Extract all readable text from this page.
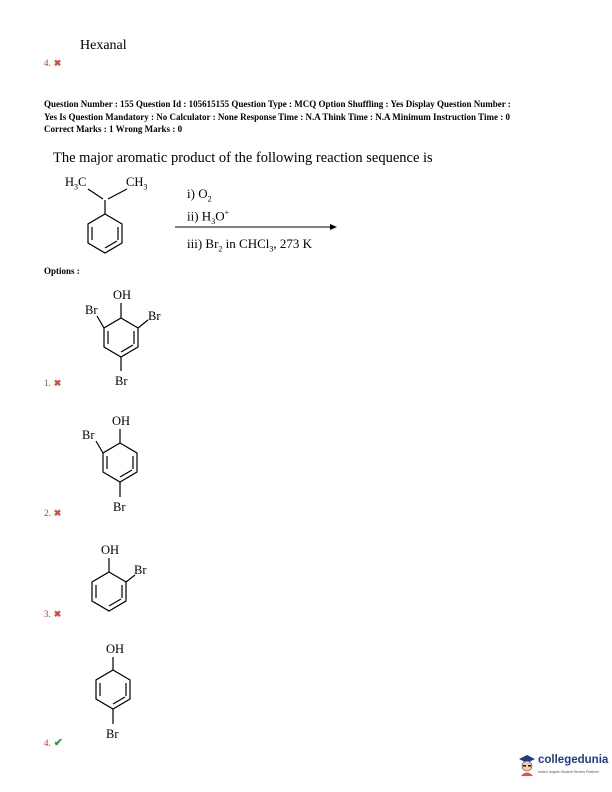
Hexanal
4. ✖
Question Number : 155 Question Id : 105615155 Question Type : MCQ Option Shuffling : Yes Display Question Number :
Yes Is Question Mandatory : No Calculator : None Response Time : N.A Think Time : N.A Minimum Instruction Time : 0
Correct Marks : 1 Wrong Marks : 0
The major aromatic product of the following reaction sequence is
$H_3C$	$CH_3$	i) $O_2$
ii) $H_3O^+$
iii) $Br_2$ in CHCl$_3$, 273 K
Options :
OH
Br	Br
Br
1. ✖
OH
Br
Br
2. ✖
OH
Br
3. ✖
OH
Br
4. ✔
collegedunia
India's largest Student Review Platform
